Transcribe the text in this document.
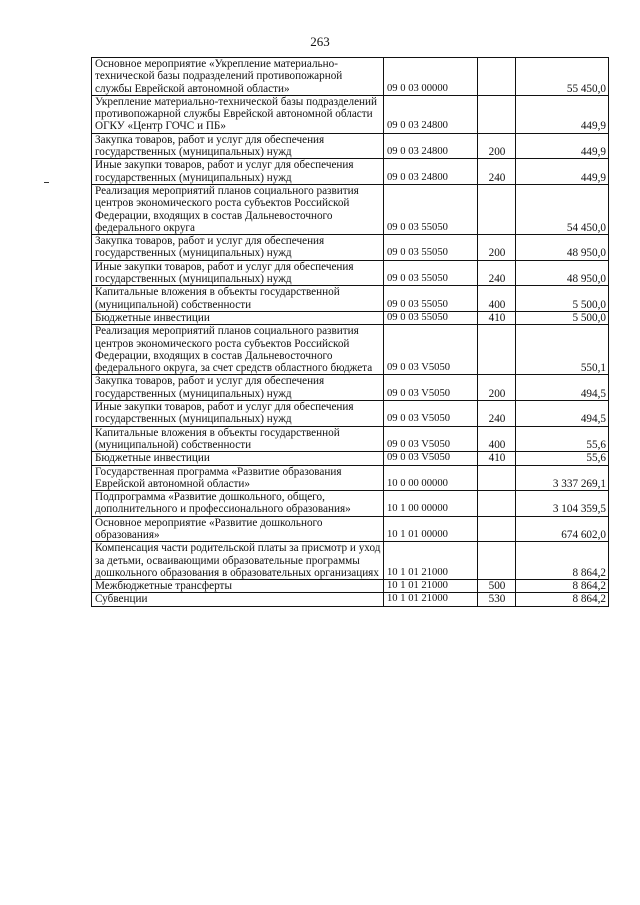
263
Основное мероприятие «Укрепление материально-технической базы подразделений противопожарной службы Еврейской автономной области»	09 0 03 00000		55 450,0
Укрепление материально-технической базы подразделений противопожарной службы Еврейской автономной области ОГКУ «Центр ГОЧС и ПБ»	09 0 03 24800		449,9
Закупка товаров, работ и услуг для обеспечения государственных (муниципальных) нужд	09 0 03 24800	200	449,9
Иные закупки товаров, работ и услуг для обеспечения государственных (муниципальных) нужд	09 0 03 24800	240	449,9
Реализация мероприятий планов социального развития центров экономического роста субъектов Российской Федерации, входящих в состав Дальневосточного федерального округа	09 0 03 55050		54 450,0
Закупка товаров, работ и услуг для обеспечения государственных (муниципальных) нужд	09 0 03 55050	200	48 950,0
Иные закупки товаров, работ и услуг для обеспечения государственных (муниципальных) нужд	09 0 03 55050	240	48 950,0
Капитальные вложения в объекты государственной (муниципальной) собственности	09 0 03 55050	400	5 500,0
Бюджетные инвестиции	09 0 03 55050	410	5 500,0
Реализация мероприятий планов социального развития центров экономического роста субъектов Российской Федерации, входящих в состав Дальневосточного федерального округа, за счет средств областного бюджета	09 0 03 V5050		550,1
Закупка товаров, работ и услуг для обеспечения государственных (муниципальных) нужд	09 0 03 V5050	200	494,5
Иные закупки товаров, работ и услуг для обеспечения государственных (муниципальных) нужд	09 0 03 V5050	240	494,5
Капитальные вложения в объекты государственной (муниципальной) собственности	09 0 03 V5050	400	55,6
Бюджетные инвестиции	09 0 03 V5050	410	55,6
Государственная программа «Развитие образования Еврейской автономной области»	10 0 00 00000		3 337 269,1
Подпрограмма «Развитие дошкольного, общего, дополнительного и профессионального образования»	10 1 00 00000		3 104 359,5
Основное мероприятие «Развитие дошкольного образования»	10 1 01 00000		674 602,0
Компенсация части родительской платы за присмотр и уход за детьми, осваивающими образовательные программы дошкольного образования в образовательных организациях	10 1 01 21000		8 864,2
Межбюджетные трансферты	10 1 01 21000	500	8 864,2
Субвенции	10 1 01 21000	530	8 864,2
